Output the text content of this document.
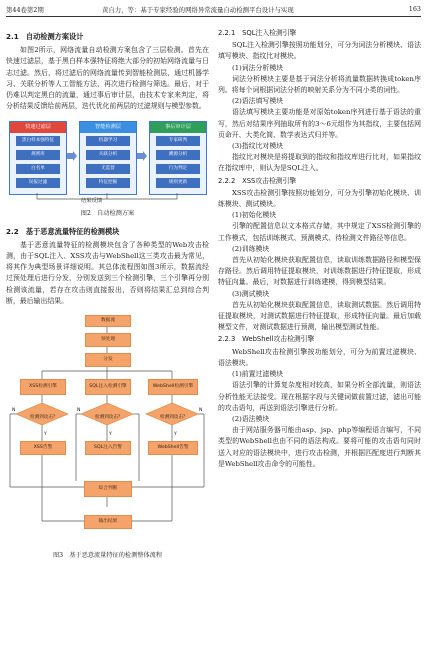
第44卷第2期	黄自力，等：基于专家经验的网络异常流量自动检测平台设计与实现	163
2.1　自动检测方案设计

如图2所示，网络流量自动检测方案包含了三层检测。首先在快速过滤层，基于黑白样本强特征将绝大部分的初始网络流量与日志过滤。然后，将过滤后的网络流量传到智能检测层，通过机器学习、关联分析等人工智能方法，再次进行检测与筛选。最后，对于仍难以判定黑白的流量，通过事后审计层，由技术专家来判定，将分析结果反馈给前两层，迭代优化前两层的过滤规则与模型参数。

快速过滤层
黑白样本强特征
规则库
白名单
误报过滤
智能检测层
机器学习
关联分析
无监督
特征挖掘
事后审计层
专家研判
溯源分析
行为判定
规则更新
结果反馈
图2　自动检测方案
2.2　基于恶意流量特征的检测模块

基于恶意流量特征的检测模块包含了各种类型的Web攻击检测，由于SQL注入、XSS攻击与WebShell这三类攻击最为常见，将其作为典型场景详细说明。其总体流程图如图3所示，数据流经过预处理后进行分发，分别发送到三个检测引擎，三个引擎再分别检测该流量，若存在攻击则直接报出，否则将结果汇总到综合判断，最后输出结果。

数据流
预处理
分发
XSS检测引擎	SQL注入检测引擎	WebShell检测引擎
检测到攻击？	检测到攻击？	检测到攻击？
Y	Y	Y
N	N	N
XSS告警	SQL注入告警	WebShell告警
综合判断
输出结果
图3　基于恶意流量特征的检测整体流程
2.2.1　SQL注入检测引擎

SQL注入检测引擎按照功能划分，可分为词法分析模块、语法填写模块、指纹比对模块。

(1)词法分析模块

词法分析模块主要是基于词法分析将流量数据转换成token序列。将每个词根据词法分析的映射关系分为不同小类的词性。

(2)语法填写模块

语法填写模块主要功能是对原始token序列进行基于语法的重写，然后对结果序列抽取所有的3～6元组作为其指纹，主要包括网页命开、大类化简、数学表达式归并等。

(3)指纹比对模块

指纹比对模块是将提取到的指纹和指纹库进行比对，如果指纹在指纹库中，则认为是SQL注入。

2.2.2　XSS攻击检测引擎

XSS攻击检测引擎按照功能划分，可分为引擎初始化模块、训练模块、测试模块。

(1)初始化模块

引擎的配置信息以文本格式存储，其中规定了XSS检测引擎的工作模式，包括训练模式、预测模式、待检测文件路径等信息。

(2)训练模块

首先从初始化模块获取配置信息，读取训练数据路径和模型保存路径。然后调用特征提取模块，对训练数据进行特征提取，形成特征向量。最后，对数据进行训练建模，得到模型结果。

(3)测试模块

首先从初始化模块获取配置信息，读取测试数据。然后调用特征提取模块，对测试数据进行特征提取，形成特征向量。最后加载模型文件，对测试数据进行预测，输出模型测试性能。

2.2.3　WebShell攻击检测引擎

WebShell攻击检测引擎按功能划分，可分为前置过滤模块、语法模块。

(1)前置过滤模块

语法引擎的计算复杂度相对较高，如果分析全部流量，则语法分析性能无法接受。现在根据字段与关键词做前置过滤，滤出可能的攻击语句，再送到语法引擎进行分析。

(2)语法模块

由于网站服务器可能由asp、jsp、php等编程语言编写，不同类型的WebShell也由不同的语法构成。要将可能的攻击语句同时送入对应的语法模块中，进行攻击检测，并根据匹配度进行判断其是WebShell攻击命令的可能性。
